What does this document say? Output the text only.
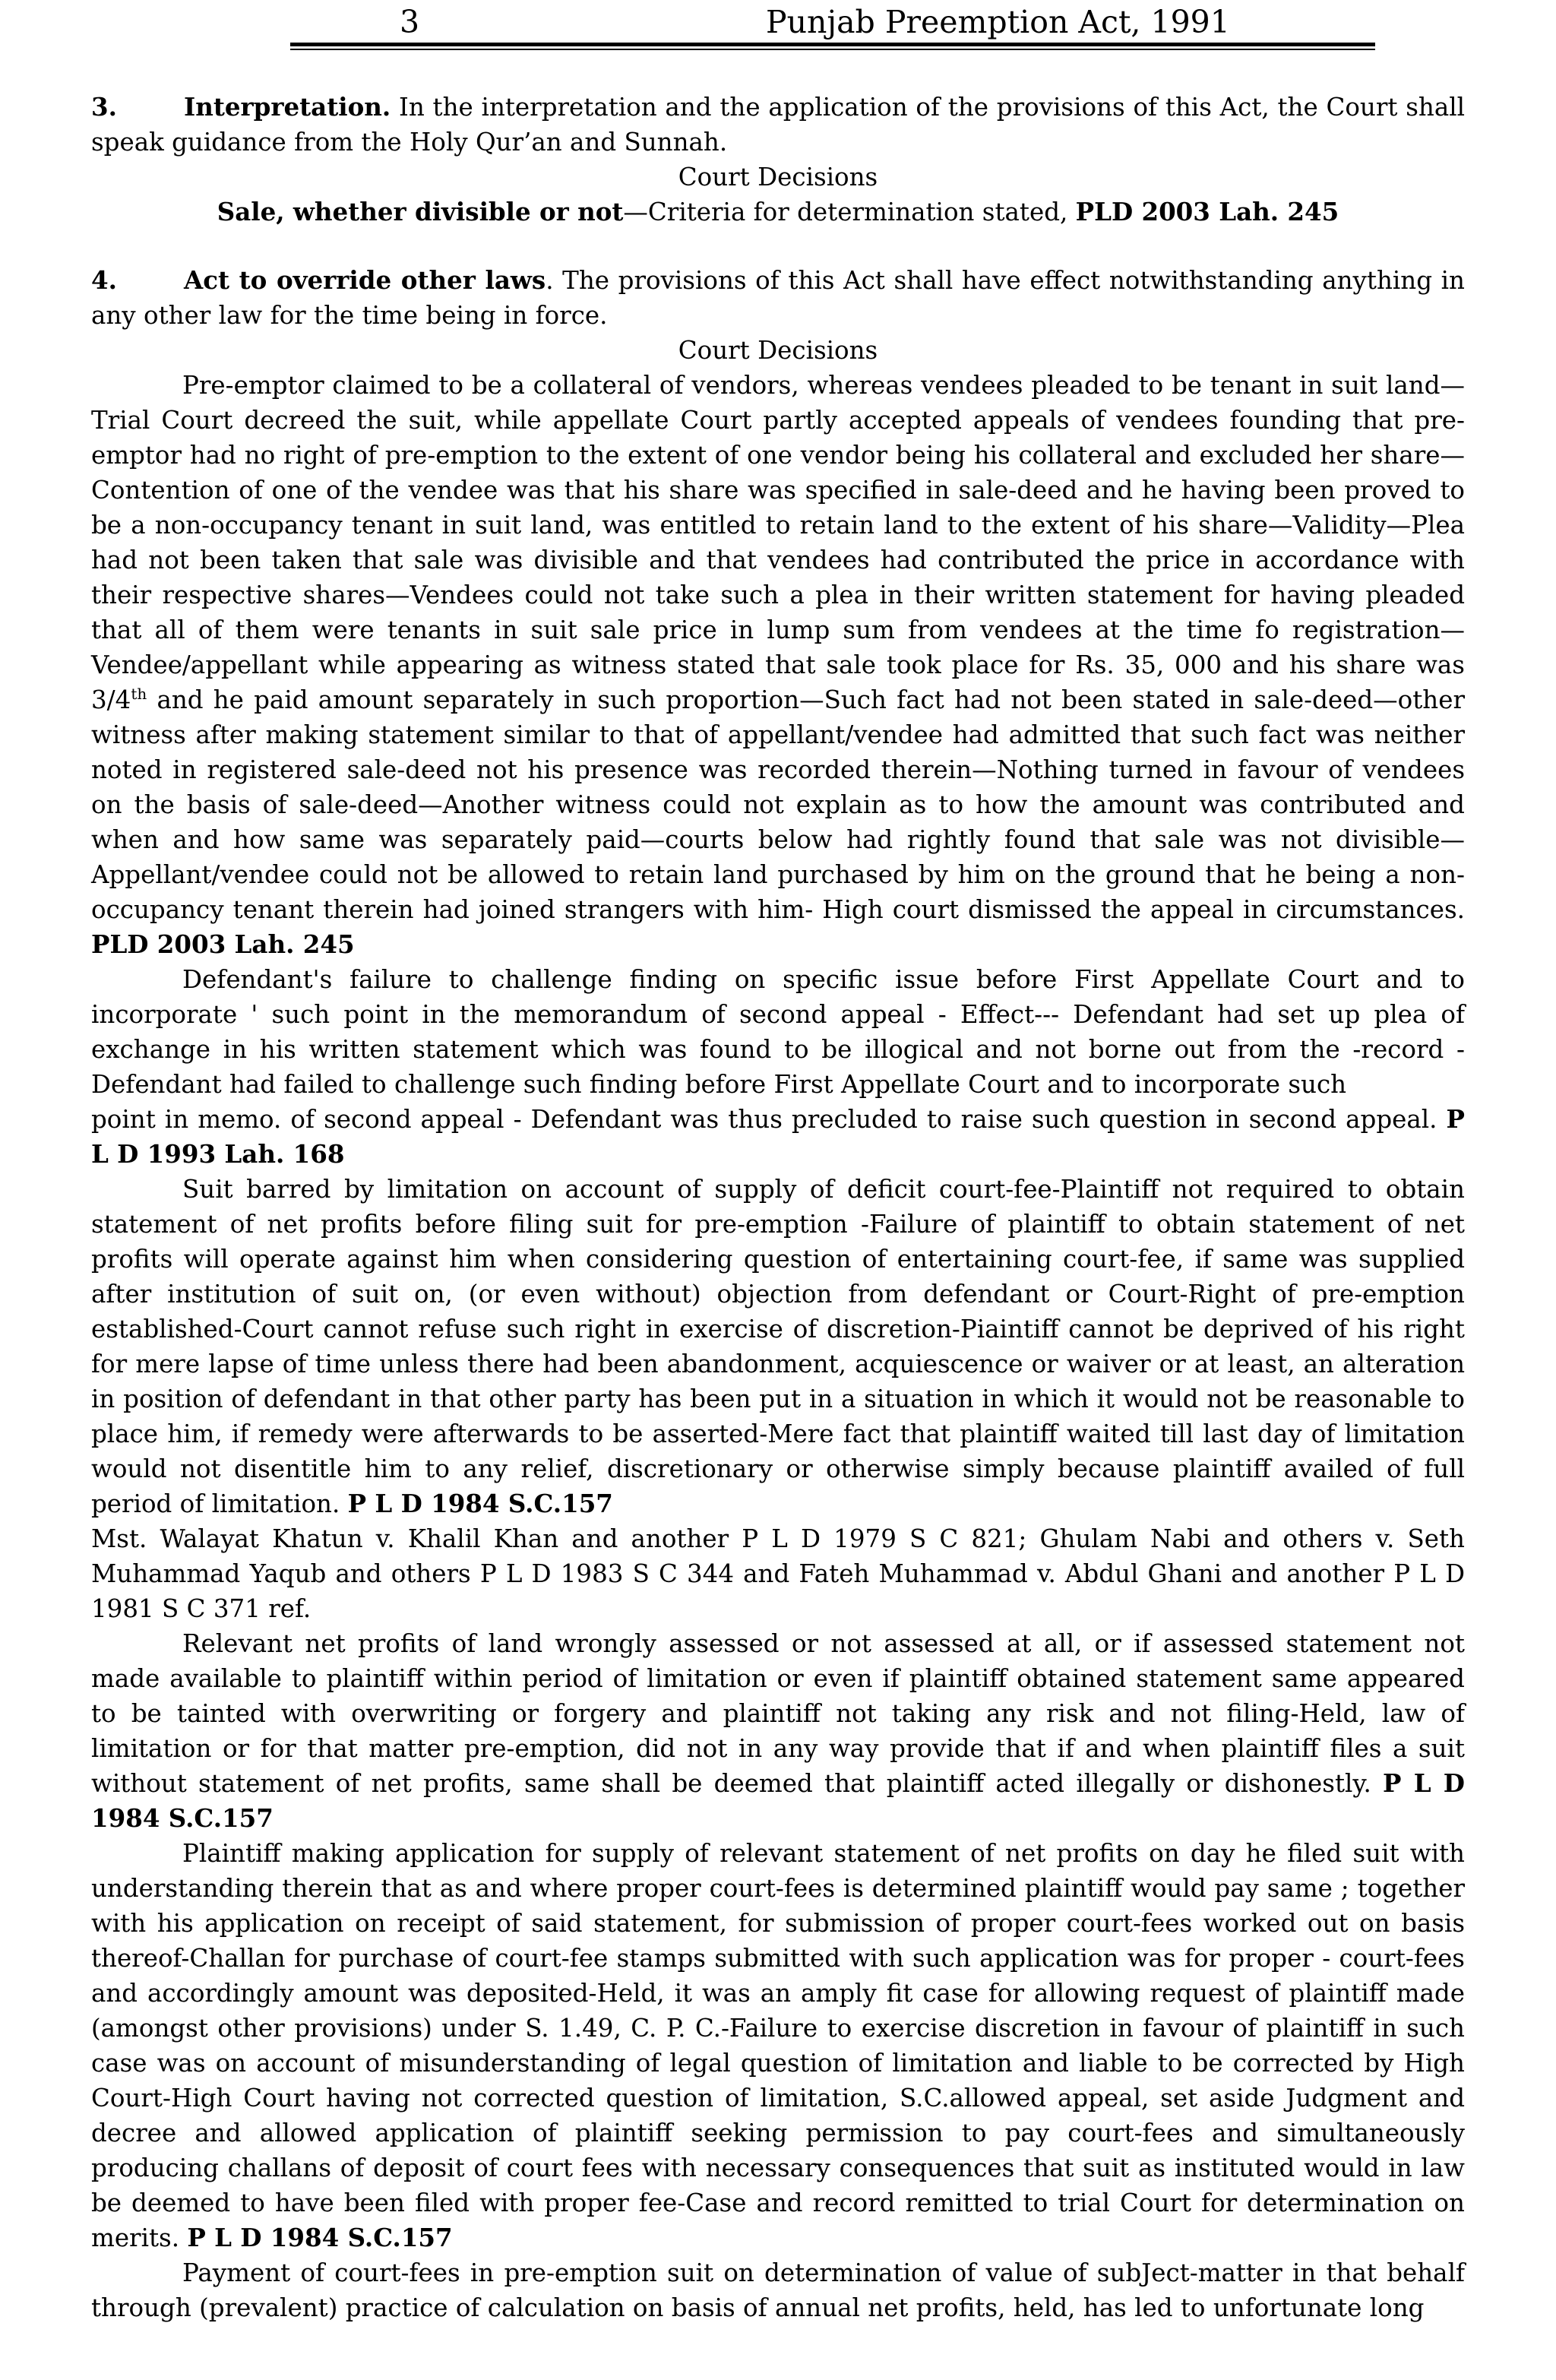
3	Punjab Preemption Act, 1991

3.	Interpretation. In the interpretation and the application of the provisions of this Act, the Court shall speak guidance from the Holy Qur’an and Sunnah.

Court Decisions

Sale, whether divisible or not—Criteria for determination stated, PLD 2003 Lah. 245

4.	Act to override other laws. The provisions of this Act shall have effect notwithstanding anything in any other law for the time being in force.

Court Decisions

Pre-emptor claimed to be a collateral of vendors, whereas vendees pleaded to be tenant in suit land—Trial Court decreed the suit, while appellate Court partly accepted appeals of vendees founding that pre-emptor had no right of pre-emption to the extent of one vendor being his collateral and excluded her share—Contention of one of the vendee was that his share was specified in sale-deed and he having been proved to be a non-occupancy tenant in suit land, was entitled to retain land to the extent of his share—Validity—Plea had not been taken that sale was divisible and that vendees had contributed the price in accordance with their respective shares—Vendees could not take such a plea in their written statement for having pleaded that all of them were tenants in suit sale price in lump sum from vendees at the time fo registration—Vendee/appellant while appearing as witness stated that sale took place for Rs. 35, 000 and his share was 3/4th and he paid amount separately in such proportion—Such fact had not been stated in sale-deed—other witness after making statement similar to that of appellant/vendee had admitted that such fact was neither noted in registered sale-deed not his presence was recorded therein—Nothing turned in favour of vendees on the basis of sale-deed—Another witness could not explain as to how the amount was contributed and when and how same was separately paid—courts below had rightly found that sale was not divisible—Appellant/vendee could not be allowed to retain land purchased by him on the ground that he being a non-occupancy tenant therein had joined strangers with him- High court dismissed the appeal in circumstances. PLD 2003 Lah. 245

Defendant's failure to challenge finding on specific issue before First Appellate Court and to incorporate ' such point in the memorandum of second appeal - Effect--- Defendant had set up plea of exchange in his written statement which was found to be illogical and not borne out from the -record - Defendant had failed to challenge such finding before First Appellate Court and to incorporate such

point in memo. of second appeal - Defendant was thus precluded to raise such question in second appeal. P L D 1993 Lah. 168

Suit barred by limitation on account of supply of deficit court-fee-Plaintiff not required to obtain statement of net profits before filing suit for pre-emption -Failure of plaintiff to obtain statement of net profits will operate against him when considering question of entertaining court-fee, if same was supplied after institution of suit on, (or even without) objection from defendant or Court-Right of pre-emption established-Court cannot refuse such right in exercise of discretion-Piaintiff cannot be deprived of his right for mere lapse of time unless there had been abandonment, acquiescence or waiver or at least, an alteration in position of defendant in that other party has been put in a situation in which it would not be reasonable to place him, if remedy were afterwards to be asserted-Mere fact that plaintiff waited till last day of limitation would not disentitle him to any relief, discretionary or otherwise simply because plaintiff availed of full period of limitation. P L D 1984 S.C.157

Mst. Walayat Khatun v. Khalil Khan and another P L D 1979 S C 821; Ghulam Nabi and others v. Seth Muhammad Yaqub and others P L D 1983 S C 344 and Fateh Muhammad v. Abdul Ghani and another P L D 1981 S C 371 ref.

Relevant net profits of land wrongly assessed or not assessed at all, or if assessed statement not made available to plaintiff within period of limitation or even if plaintiff obtained statement same appeared to be tainted with overwriting or forgery and plaintiff not taking any risk and not filing-Held, law of limitation or for that matter pre-emption, did not in any way provide that if and when plaintiff files a suit without statement of net profits, same shall be deemed that plaintiff acted illegally or dishonestly. P L D 1984 S.C.157

Plaintiff making application for supply of relevant statement of net profits on day he filed suit with understanding therein that as and where proper court-fees is determined plaintiff would pay same ; together with his application on receipt of said statement, for submission of proper court-fees worked out on basis thereof-Challan for purchase of court-fee stamps submitted with such application was for proper - court-fees and accordingly amount was deposited-Held, it was an amply fit case for allowing request of plaintiff made (amongst other provisions) under S. 1.49, C. P. C.-Failure to exercise discretion in favour of plaintiff in such case was on account of misunderstanding of legal question of limitation and liable to be corrected by High Court-High Court having not corrected question of limitation, S.C.allowed appeal, set aside Judgment and decree and allowed application of plaintiff seeking permission to pay court-fees and simultaneously producing challans of deposit of court fees with necessary consequences that suit as instituted would in law be deemed to have been filed with proper fee-Case and record remitted to trial Court for determination on merits. P L D 1984 S.C.157

Payment of court-fees in pre-emption suit on determination of value of subJect-matter in that behalf through (prevalent) practice of calculation on basis of annual net profits, held, has led to unfortunate long
